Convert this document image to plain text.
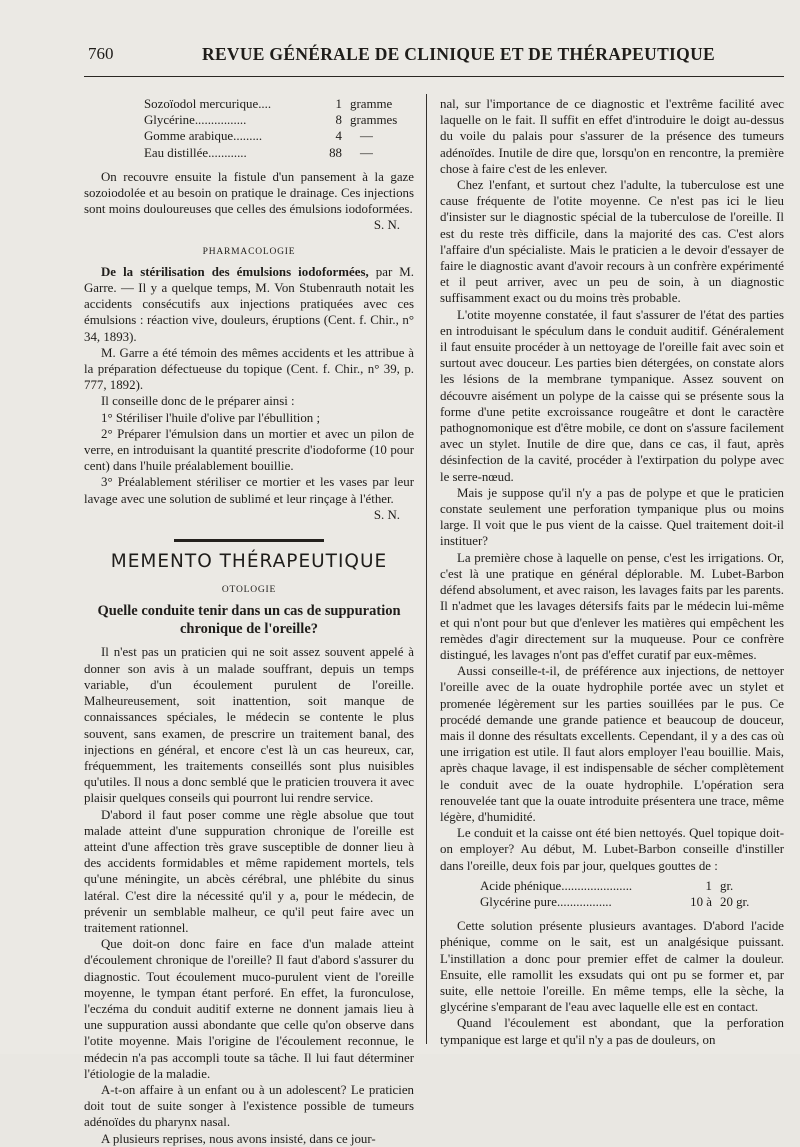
760	REVUE GÉNÉRALE DE CLINIQUE ET DE THÉRAPEUTIQUE
Sozoïodol mercurique....	1 gramme
Glycérine................	8 grammes
Gomme arabique.........	4	—
Eau distillée............	88	—

On recouvre ensuite la fistule d'un pansement à la gaze sozoiodolée et au besoin on pratique le drainage. Ces injections sont moins douloureuses que celles des émulsions iodoformées.

S. N.

PHARMACOLOGIE

De la stérilisation des émulsions iodoformées, par M. Garre. — Il y a quelque temps, M. Von Stubenrauth notait les accidents consécutifs aux injections pratiquées avec ces émulsions : réaction vive, douleurs, éruptions (Cent. f. Chir., n° 34, 1893).

M. Garre a été témoin des mêmes accidents et les attribue à la préparation défectueuse du topique (Cent. f. Chir., n° 39, p. 777, 1892).

Il conseille donc de le préparer ainsi :

1° Stériliser l'huile d'olive par l'ébullition ;

2° Préparer l'émulsion dans un mortier et avec un pilon de verre, en introduisant la quantité prescrite d'iodoforme (10 pour cent) dans l'huile préalablement bouillie.

3° Préalablement stériliser ce mortier et les vases par leur lavage avec une solution de sublimé et leur rinçage à l'éther.

S. N.

MEMENTO THÉRAPEUTIQUE
OTOLOGIE
Quelle conduite tenir dans un cas de suppuration chronique de l'oreille?

Il n'est pas un praticien qui ne soit assez souvent appelé à donner son avis à un malade souffrant, depuis un temps variable, d'un écoulement purulent de l'oreille. Malheureusement, soit inattention, soit manque de connaissances spéciales, le médecin se contente le plus souvent, sans examen, de prescrire un traitement banal, des injections en général, et encore c'est là un cas heureux, car, fréquemment, les traitements conseillés sont plus nuisibles qu'utiles. Il nous a donc semblé que le praticien trouvera it avec plaisir quelques conseils qui pourront lui rendre service.

D'abord il faut poser comme une règle absolue que tout malade atteint d'une suppuration chronique de l'oreille est atteint d'une affection très grave susceptible de donner lieu à des accidents formidables et même rapidement mortels, tels qu'une méningite, un abcès cérébral, une phlébite du sinus latéral. C'est dire la nécessité qu'il y a, pour le médecin, de prévenir un semblable malheur, ce qu'il peut faire avec un traitement rationnel.

Que doit-on donc faire en face d'un malade atteint d'écoulement chronique de l'oreille? Il faut d'abord s'assurer du diagnostic. Tout écoulement muco-purulent vient de l'oreille moyenne, le tympan étant perforé. En effet, la furonculose, l'eczéma du conduit auditif externe ne donnent jamais lieu à une suppuration aussi abondante que celle qu'on observe dans l'otite moyenne. Mais l'origine de l'écoulement reconnue, le médecin n'a pas accompli toute sa tâche. Il lui faut déterminer l'étiologie de la maladie.

A-t-on affaire à un enfant ou à un adolescent? Le praticien doit tout de suite songer à l'existence possible de tumeurs adénoïdes du pharynx nasal.

A plusieurs reprises, nous avons insisté, dans ce jour-

nal, sur l'importance de ce diagnostic et l'extrême facilité avec laquelle on le fait. Il suffit en effet d'introduire le doigt au-dessus du voile du palais pour s'assurer de la présence des tumeurs adénoïdes. Inutile de dire que, lorsqu'on en rencontre, la première chose à faire c'est de les enlever.

Chez l'enfant, et surtout chez l'adulte, la tuberculose est une cause fréquente de l'otite moyenne. Ce n'est pas ici le lieu d'insister sur le diagnostic spécial de la tuberculose de l'oreille. Il est du reste très difficile, dans la majorité des cas. C'est alors l'affaire d'un spécialiste. Mais le praticien a le devoir d'essayer de faire le diagnostic avant d'avoir recours à un confrère expérimenté et il peut arriver, avec un peu de soin, à un diagnostic suffisamment exact ou du moins très probable.

L'otite moyenne constatée, il faut s'assurer de l'état des parties en introduisant le spéculum dans le conduit auditif. Généralement il faut ensuite procéder à un nettoyage de l'oreille fait avec soin et surtout avec douceur. Les parties bien détergées, on constate alors les lésions de la membrane tympanique. Assez souvent on découvre aisément un polype de la caisse qui se présente sous la forme d'une petite excroissance rougeâtre et dont le caractère pathognomonique est d'être mobile, ce dont on s'assure facilement avec un stylet. Inutile de dire que, dans ce cas, il faut, après désinfection de la cavité, procéder à l'extirpation du polype avec le serre-nœud.

Mais je suppose qu'il n'y a pas de polype et que le praticien constate seulement une perforation tympanique plus ou moins large. Il voit que le pus vient de la caisse. Quel traitement doit-il instituer?

La première chose à laquelle on pense, c'est les irrigations. Or, c'est là une pratique en général déplorable. M. Lubet-Barbon défend absolument, et avec raison, les lavages faits par les parents. Il n'admet que les lavages détersifs faits par le médecin lui-même et qui n'ont pour but que d'enlever les matières qui empêchent les remèdes d'agir directement sur la muqueuse. Pour ce confrère distingué, les lavages n'ont pas d'effet curatif par eux-mêmes.

Aussi conseille-t-il, de préférence aux injections, de nettoyer l'oreille avec de la ouate hydrophile portée avec un stylet et promenée légèrement sur les parties souillées par le pus. Ce procédé demande une grande patience et beaucoup de douceur, mais il donne des résultats excellents. Cependant, il y a des cas où une irrigation est utile. Il faut alors employer l'eau bouillie. Mais, après chaque lavage, il est indispensable de sécher complètement le conduit avec de la ouate hydrophile. L'opération sera renouvelée tant que la ouate introduite présentera une trace, même légère, d'humidité.

Le conduit et la caisse ont été bien nettoyés. Quel topique doit-on employer? Au début, M. Lubet-Barbon conseille d'instiller dans l'oreille, deux fois par jour, quelques gouttes de :

Acide phénique......................	1 gr.
Glycérine pure.................	10 à 20 gr.

Cette solution présente plusieurs avantages. D'abord l'acide phénique, comme on le sait, est un analgésique puissant. L'instillation a donc pour premier effet de calmer la douleur. Ensuite, elle ramollit les exsudats qui ont pu se former et, par suite, elle nettoie l'oreille. En même temps, elle la sèche, la glycérine s'emparant de l'eau avec laquelle elle est en contact.

Quand l'écoulement est abondant, que la perforation tympanique est large et qu'il n'y a pas de douleurs, on
